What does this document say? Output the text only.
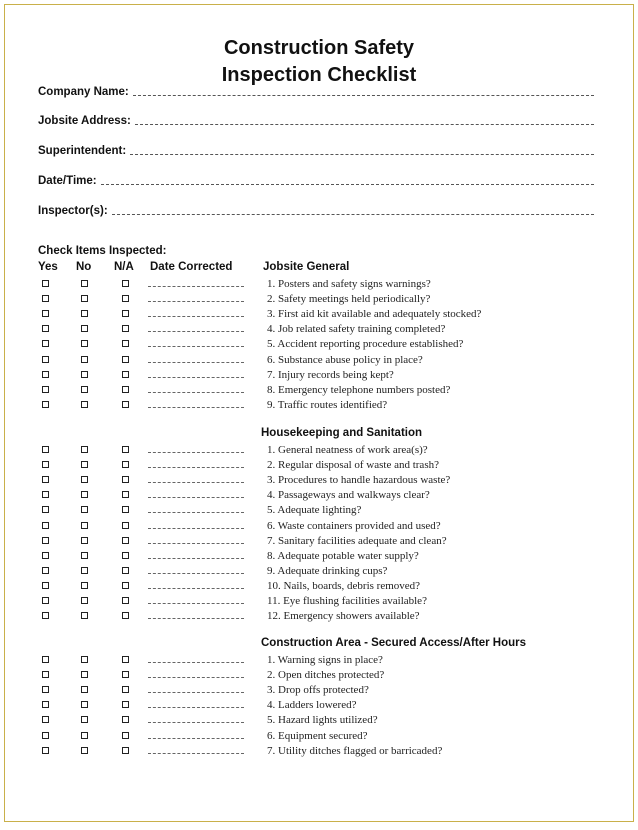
Construction Safety
Inspection Checklist
Company Name:
Jobsite Address:
Superintendent:
Date/Time:
Inspector(s):
Check Items Inspected:
Yes No N/A Date Corrected	Jobsite General
1. Posters and safety signs warnings?
2. Safety meetings held periodically?
3. First aid kit available and adequately stocked?
4. Job related safety training completed?
5. Accident reporting procedure established?
6. Substance abuse policy in place?
7. Injury records being kept?
8. Emergency telephone numbers posted?
9. Traffic routes identified?
Housekeeping and Sanitation
1. General neatness of work area(s)?
2. Regular disposal of waste and trash?
3. Procedures to handle hazardous waste?
4. Passageways and walkways clear?
5. Adequate lighting?
6. Waste containers provided and used?
7. Sanitary facilities adequate and clean?
8. Adequate potable water supply?
9. Adequate drinking cups?
10. Nails, boards, debris removed?
11. Eye flushing facilities available?
12. Emergency showers available?
Construction Area - Secured Access/After Hours
1. Warning signs in place?
2. Open ditches protected?
3. Drop offs protected?
4. Ladders lowered?
5. Hazard lights utilized?
6. Equipment secured?
7. Utility ditches flagged or barricaded?
